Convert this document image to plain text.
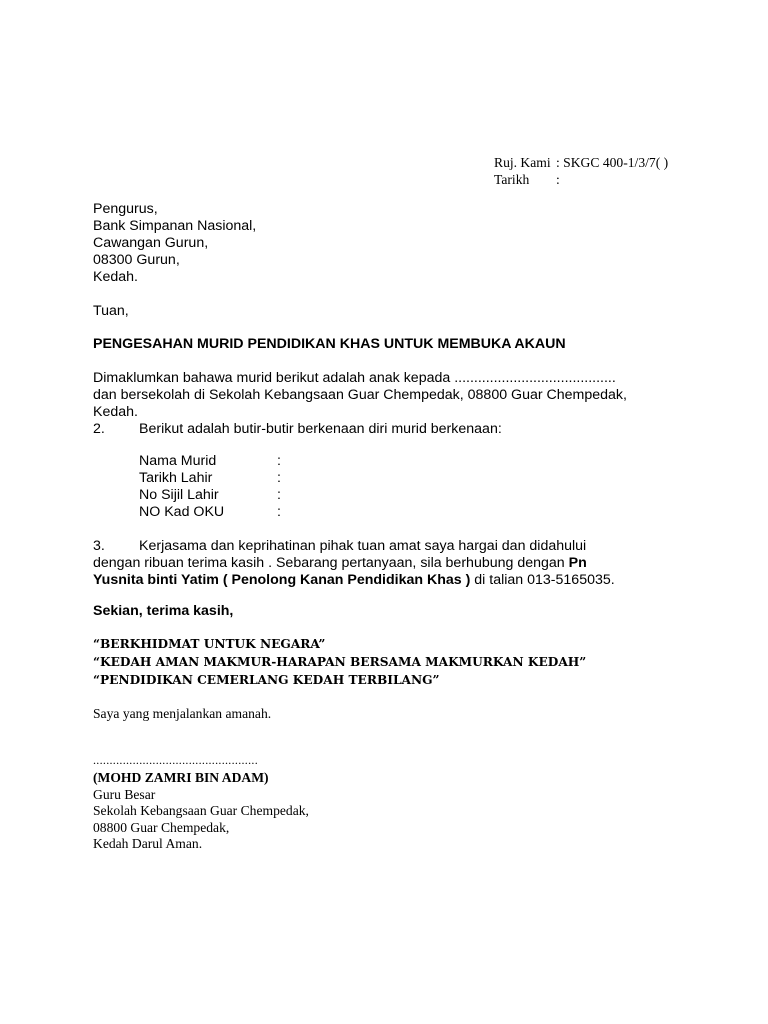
Ruj. Kami : SKGC 400-1/3/7( )
Tarikh	:
Pengurus,
Bank Simpanan Nasional,
Cawangan Gurun,
08300 Gurun,
Kedah.
Tuan,
PENGESAHAN MURID PENDIDIKAN KHAS UNTUK MEMBUKA AKAUN
Dimaklumkan bahawa murid berikut adalah anak kepada .........................................
dan bersekolah di Sekolah Kebangsaan Guar Chempedak, 08800 Guar Chempedak,
Kedah.
2. Berikut adalah butir-butir berkenaan diri murid berkenaan:
Nama Murid	:
Tarikh Lahir	:
No Sijil Lahir	:
NO Kad OKU	:
3. Kerjasama dan keprihatinan pihak tuan amat saya hargai dan didahului
dengan ribuan terima kasih . Sebarang pertanyaan, sila berhubung dengan Pn
Yusnita binti Yatim ( Penolong Kanan Pendidikan Khas ) di talian 013-5165035.
Sekian, terima kasih,
“BERKHIDMAT UNTUK NEGARA”
“KEDAH AMAN MAKMUR-HARAPAN BERSAMA MAKMURKAN KEDAH”
“PENDIDIKAN CEMERLANG KEDAH TERBILANG”
Saya yang menjalankan amanah.
..................................................
(MOHD ZAMRI BIN ADAM)
Guru Besar
Sekolah Kebangsaan Guar Chempedak,
08800 Guar Chempedak,
Kedah Darul Aman.
